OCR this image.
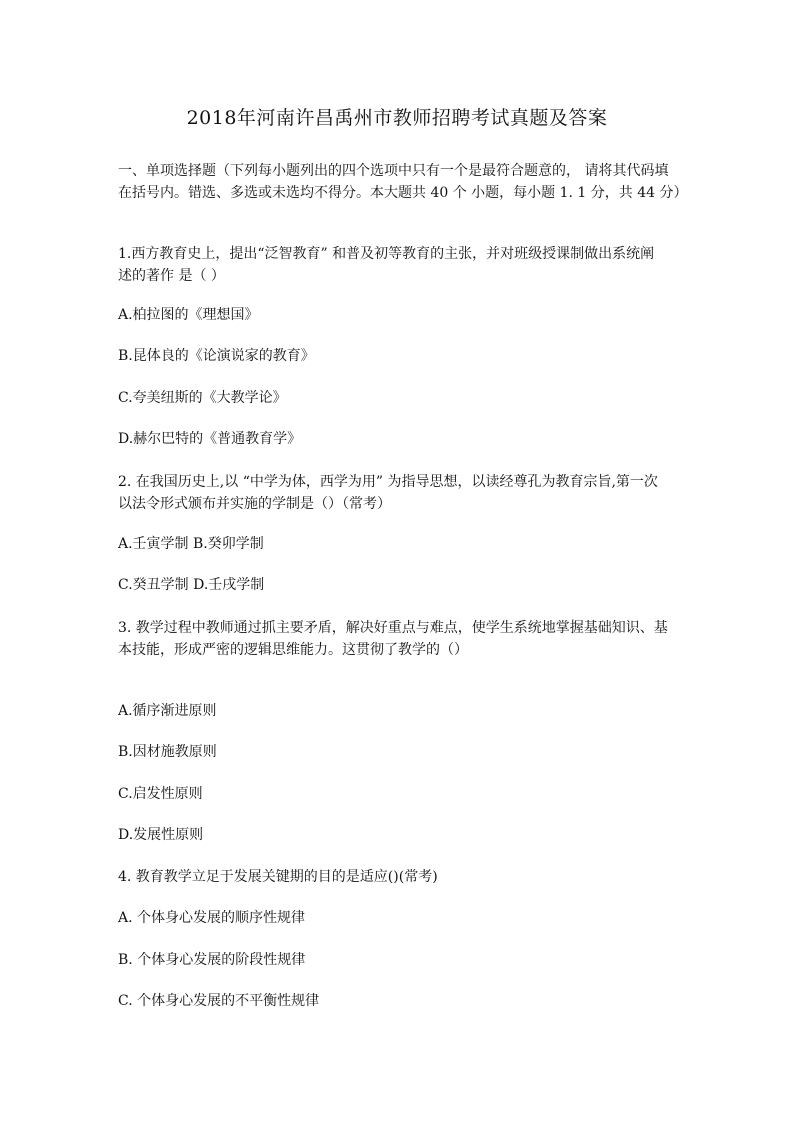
2018年河南许昌禹州市教师招聘考试真题及答案
一、单项选择题（下列每小题列出的四个选项中只有一个是最符合题意的， 请将其代码填
在括号内。错选、多选或未选均不得分。本大题共 40 个 小题，每小题 1. 1 分，共 44 分）
1.西方教育史上，提出“泛智教育” 和普及初等教育的主张，并对班级授课制做出系统阐
述的著作 是（ ）
A.柏拉图的《理想国》
B.昆体良的《论演说家的教育》
C.夸美纽斯的《大教学论》
D.赫尔巴特的《普通教育学》
2. 在我国历史上,以 “中学为体，西学为用” 为指导思想，以读经尊孔为教育宗旨,第一次
以法令形式颁布并实施的学制是（）（常考）
A.壬寅学制 B.癸卯学制
C.癸丑学制 D.壬戌学制
3. 教学过程中教师通过抓主要矛盾，解决好重点与难点，使学生系统地掌握基础知识、基
本技能，形成严密的逻辑思维能力。这贯彻了教学的（）
A.循序渐进原则
B.因材施教原则
C.启发性原则
D.发展性原则
4. 教育教学立足于发展关键期的目的是适应()(常考)
A. 个体身心发展的顺序性规律
B. 个体身心发展的阶段性规律
C. 个体身心发展的不平衡性规律
